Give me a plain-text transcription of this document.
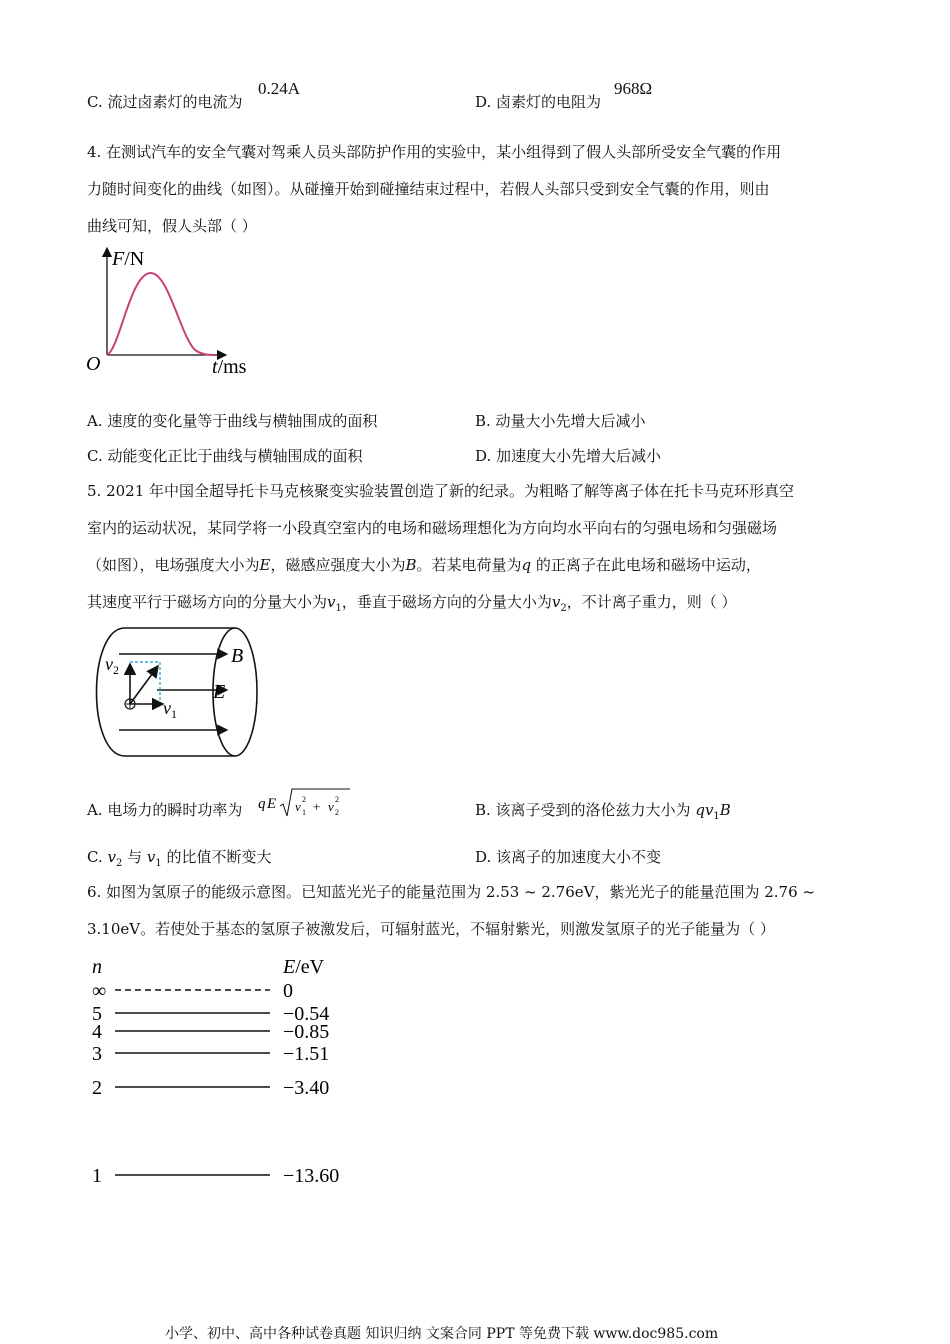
C. 流过卤素灯的电流为
0.24A
D. 卤素灯的电阻为
968Ω
4. 在测试汽车的安全气囊对驾乘人员头部防护作用的实验中，某小组得到了假人头部所受安全气囊的作用
力随时间变化的曲线（如图）。从碰撞开始到碰撞结束过程中，若假人头部只受到安全气囊的作用，则由
曲线可知，假人头部（ ）
F/N
O	t/ms
A. 速度的变化量等于曲线与横轴围成的面积	B. 动量大小先增大后减小
C. 动能变化正比于曲线与横轴围成的面积	D. 加速度大小先增大后减小
5. 2021 年中国全超导托卡马克核聚变实验装置创造了新的纪录。为粗略了解等离子体在托卡马克环形真空
室内的运动状况，某同学将一小段真空室内的电场和磁场理想化为方向均水平向右的匀强电场和匀强磁场
（如图），电场强度大小为E，磁感应强度大小为B。若某电荷量为q 的正离子在此电场和磁场中运动，
其速度平行于磁场方向的分量大小为$v_1$，垂直于磁场方向的分量大小为$v_2$，不计离子重力，则（ ）
B
E
$v_2$
$v_1$
A. 电场力的瞬时功率为 q E v 1
2 + v 2
2
B. 该离子受到的洛伦兹力大小为 $qv_1B$
C. $v_2$ 与 $v_1$ 的比值不断变大	D. 该离子的加速度大小不变
6. 如图为氢原子的能级示意图。已知蓝光光子的能量范围为 2.53 ~ 2.76eV，紫光光子的能量范围为 2.76 ~
3.10eV。若使处于基态的氢原子被激发后，可辐射蓝光，不辐射紫光，则激发氢原子的光子能量为（ ）
n	E/eV
∞	0
5	−0.54
4	−0.85
3	−1.51
2	−3.40
1	−13.60
小学、初中、高中各种试卷真题 知识归纳 文案合同 PPT 等免费下载 www.doc985.com
